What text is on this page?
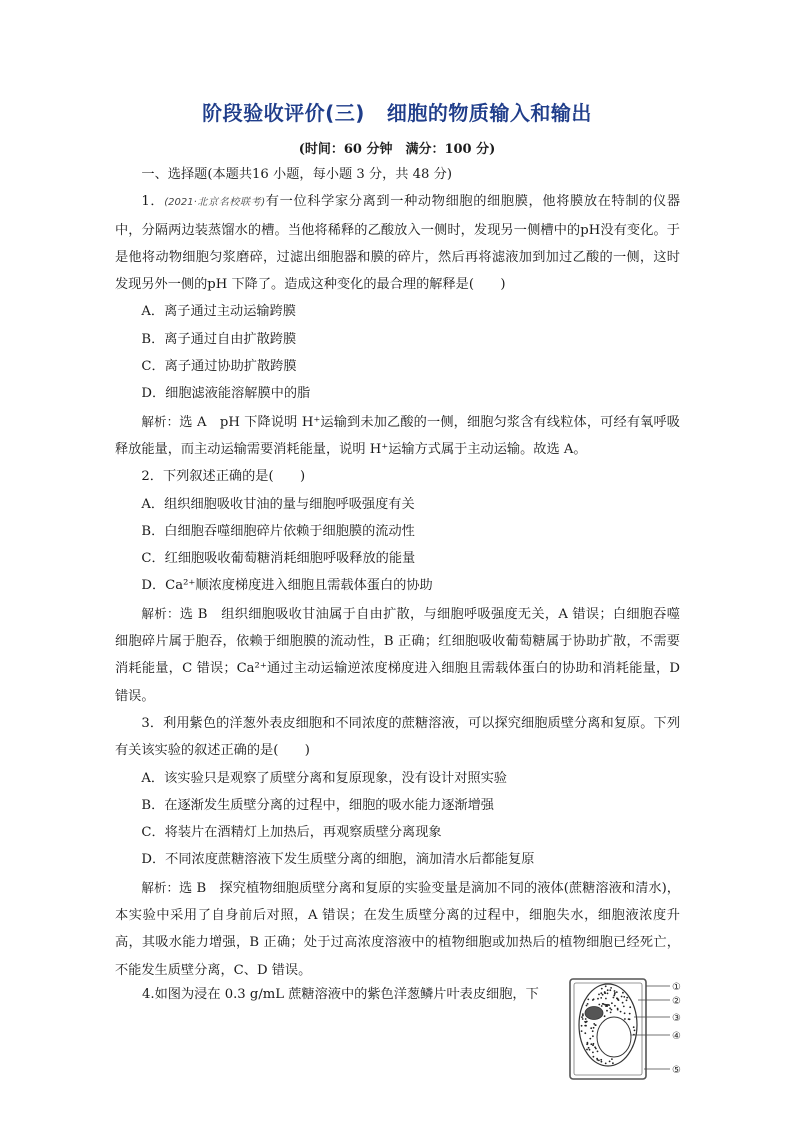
阶段验收评价(三) 细胞的物质输入和输出
(时间：60 分钟　满分：100 分)

一、选择题(本题共16 小题，每小题 3 分，共 48 分)

1．(2021·北京名校联考)有一位科学家分离到一种动物细胞的细胞膜，他将膜放在特制的仪器中，分隔两边装蒸馏水的槽。当他将稀释的乙酸放入一侧时，发现另一侧槽中的pH没有变化。于是他将动物细胞匀浆磨碎，过滤出细胞器和膜的碎片，然后再将滤液加到加过乙酸的一侧，这时发现另外一侧的pH 下降了。造成这种变化的最合理的解释是(　　)

A．离子通过主动运输跨膜

B．离子通过自由扩散跨膜

C．离子通过协助扩散跨膜

D．细胞滤液能溶解膜中的脂

解析：选 A　pH 下降说明 H⁺运输到未加乙酸的一侧，细胞匀浆含有线粒体，可经有氧呼吸释放能量，而主动运输需要消耗能量，说明 H⁺运输方式属于主动运输。故选 A。

2．下列叙述正确的是(　　)

A．组织细胞吸收甘油的量与细胞呼吸强度有关

B．白细胞吞噬细胞碎片依赖于细胞膜的流动性

C．红细胞吸收葡萄糖消耗细胞呼吸释放的能量

D．Ca²⁺顺浓度梯度进入细胞且需载体蛋白的协助

解析：选 B　组织细胞吸收甘油属于自由扩散，与细胞呼吸强度无关，A 错误；白细胞吞噬细胞碎片属于胞吞，依赖于细胞膜的流动性，B 正确；红细胞吸收葡萄糖属于协助扩散，不需要消耗能量，C 错误；Ca²⁺通过主动运输逆浓度梯度进入细胞且需载体蛋白的协助和消耗能量，D 错误。

3．利用紫色的洋葱外表皮细胞和不同浓度的蔗糖溶液，可以探究细胞质壁分离和复原。下列有关该实验的叙述正确的是(　　)

A．该实验只是观察了质壁分离和复原现象，没有设计对照实验

B．在逐渐发生质壁分离的过程中，细胞的吸水能力逐渐增强

C．将装片在酒精灯上加热后，再观察质壁分离现象

D．不同浓度蔗糖溶液下发生质壁分离的细胞，滴加清水后都能复原

解析：选 B　探究植物细胞质壁分离和复原的实验变量是滴加不同的液体(蔗糖溶液和清水)，本实验中采用了自身前后对照，A 错误；在发生质壁分离的过程中，细胞失水，细胞液浓度升高，其吸水能力增强，B 正确；处于过高浓度溶液中的植物细胞或加热后的植物细胞已经死亡，不能发生质壁分离，C、D 错误。

4.如图为浸在 0.3 g/mL 蔗糖溶液中的紫色洋葱鳞片叶表皮细胞，下	①
②
③
④
⑤
